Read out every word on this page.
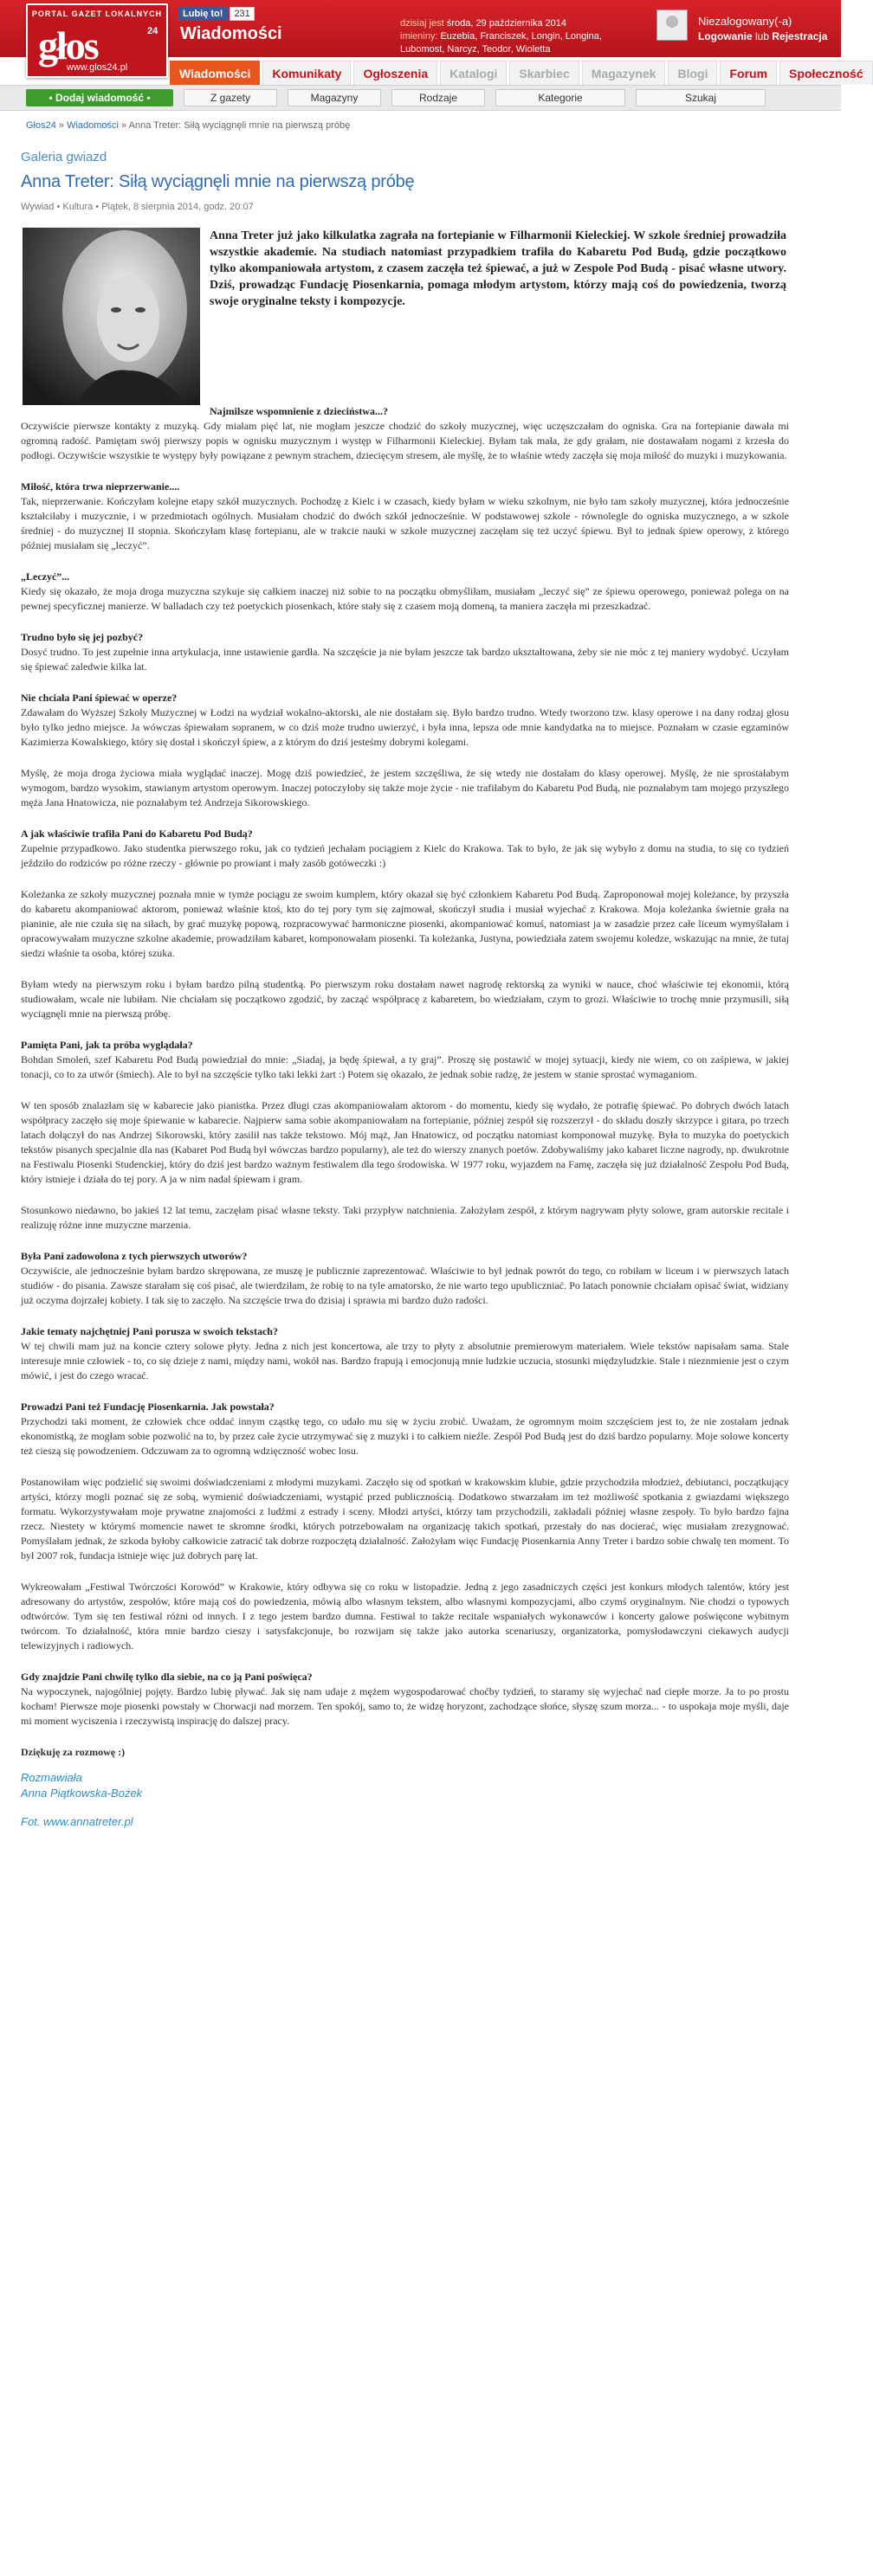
PORTAL GAZET LOKALNYCH
głos	24
www.glos24.pl
Lubię to!	231
Wiadomości
dzisiaj jest środa, 29 października 2014
imieniny: Euzebia, Franciszek, Longin, Longina, Lubomost, Narcyz, Teodor, Wioletta
Niezalogowany(-a)
Logowanie lub Rejestracja
Wiadomości	Komunikaty	Ogłoszenia	Katalogi	Skarbiec	Magazynek	Blogi	Forum	Społeczność
• Dodaj wiadomość •	Z gazety	Magazyny	Rodzaje	Kategorie	Szukaj
Głos24 » Wiadomości » Anna Treter: Siłą wyciągnęli mnie na pierwszą próbę
Galeria gwiazd
Anna Treter: Siłą wyciągnęli mnie na pierwszą próbę
Wywiad • Kultura • Piątek, 8 sierpnia 2014, godz. 20:07
Anna Treter już jako kilkulatka zagrała na fortepianie w Filharmonii Kieleckiej. W szkole średniej prowadziła wszystkie akademie. Na studiach natomiast przypadkiem trafiła do Kabaretu Pod Budą, gdzie początkowo tylko akompaniowała artystom, z czasem zaczęła też śpiewać, a już w Zespole Pod Budą - pisać własne utwory. Dziś, prowadząc Fundację Piosenkarnia, pomaga młodym artystom, którzy mają coś do powiedzenia, tworzą swoje oryginalne teksty i kompozycje.

Najmilsze wspomnienie z dzieciństwa...?
Oczywiście pierwsze kontakty z muzyką. Gdy miałam pięć lat, nie mogłam jeszcze chodzić do szkoły muzycznej, więc uczęszczałam do ogniska. Gra na fortepianie dawała mi ogromną radość. Pamiętam swój pierwszy popis w ognisku muzycznym i występ w Filharmonii Kieleckiej. Byłam tak mała, że gdy grałam, nie dostawałam nogami z krzesła do podłogi. Oczywiście wszystkie te występy były powiązane z pewnym strachem, dziecięcym stresem, ale myślę, że to właśnie wtedy zaczęła się moja miłość do muzyki i muzykowania.

Miłość, która trwa nieprzerwanie....
Tak, nieprzerwanie. Kończyłam kolejne etapy szkół muzycznych. Pochodzę z Kielc i w czasach, kiedy byłam w wieku szkolnym, nie było tam szkoły muzycznej, która jednocześnie kształciłaby i muzycznie, i w przedmiotach ogólnych. Musiałam chodzić do dwóch szkół jednocześnie. W podstawowej szkole - równolegle do ogniska muzycznego, a w szkole średniej - do muzycznej II stopnia. Skończyłam klasę fortepianu, ale w trakcie nauki w szkole muzycznej zaczęłam się też uczyć śpiewu. Był to jednak śpiew operowy, z którego później musiałam się „leczyć”.

„Leczyć”...
Kiedy się okazało, że moja droga muzyczna szykuje się całkiem inaczej niż sobie to na początku obmyśliłam, musiałam „leczyć się” ze śpiewu operowego, ponieważ polega on na pewnej specyficznej manierze. W balladach czy też poetyckich piosenkach, które stały się z czasem moją domeną, ta maniera zaczęła mi przeszkadzać.

Trudno było się jej pozbyć?
Dosyć trudno. To jest zupełnie inna artykulacja, inne ustawienie gardła. Na szczęście ja nie byłam jeszcze tak bardzo ukształtowana, żeby sie nie móc z tej maniery wydobyć. Uczyłam się śpiewać zaledwie kilka lat.

Nie chciała Pani śpiewać w operze?
Zdawałam do Wyższej Szkoły Muzycznej w Łodzi na wydział wokalno-aktorski, ale nie dostałam się. Było bardzo trudno. Wtedy tworzono tzw. klasy operowe i na dany rodzaj głosu było tylko jedno miejsce. Ja wówczas śpiewałam sopranem, w co dziś może trudno uwierzyć, i była inna, lepsza ode mnie kandydatka na to miejsce. Poznałam w czasie egzaminów Kazimierza Kowalskiego, który się dostał i skończył śpiew, a z którym do dziś jesteśmy dobrymi kolegami.

Myślę, że moja droga życiowa miała wyglądać inaczej. Mogę dziś powiedzieć, że jestem szczęśliwa, że się wtedy nie dostałam do klasy operowej. Myślę, że nie sprostałabym wymogom, bardzo wysokim, stawianym artystom operowym. Inaczej potoczyłoby się także moje życie - nie trafiłabym do Kabaretu Pod Budą, nie poznałabym tam mojego przyszłego męża Jana Hnatowicza, nie poznałabym też Andrzeja Sikorowskiego.

A jak właściwie trafiła Pani do Kabaretu Pod Budą?
Zupełnie przypadkowo. Jako studentka pierwszego roku, jak co tydzień jechałam pociągiem z Kielc do Krakowa. Tak to było, że jak się wybyło z domu na studia, to się co tydzień jeździło do rodziców po różne rzeczy - głównie po prowiant i mały zasób gotóweczki :)

Koleżanka ze szkoły muzycznej poznała mnie w tymże pociągu ze swoim kumplem, który okazał się być członkiem Kabaretu Pod Budą. Zaproponował mojej koleżance, by przyszła do kabaretu akompaniować aktorom, ponieważ właśnie ktoś, kto do tej pory tym się zajmował, skończył studia i musiał wyjechać z Krakowa. Moja koleżanka świetnie grała na pianinie, ale nie czuła się na siłach, by grać muzykę popową, rozpracowywać harmoniczne piosenki, akompaniować komuś, natomiast ja w zasadzie przez całe liceum wymyślałam i opracowywałam muzyczne szkolne akademie, prowadziłam kabaret, komponowałam piosenki. Ta koleżanka, Justyna, powiedziała zatem swojemu koledze, wskazując na mnie, że tutaj siedzi właśnie ta osoba, której szuka.

Byłam wtedy na pierwszym roku i byłam bardzo pilną studentką. Po pierwszym roku dostałam nawet nagrodę rektorską za wyniki w nauce, choć właściwie tej ekonomii, którą studiowałam, wcale nie lubiłam. Nie chciałam się początkowo zgodzić, by zacząć współpracę z kabaretem, bo wiedziałam, czym to grozi. Właściwie to trochę mnie przymusili, siłą wyciągnęli mnie na pierwszą próbę.

Pamięta Pani, jak ta próba wyglądała?
Bohdan Smoleń, szef Kabaretu Pod Budą powiedział do mnie: „Siadaj, ja będę śpiewał, a ty graj”. Proszę się postawić w mojej sytuacji, kiedy nie wiem, co on zaśpiewa, w jakiej tonacji, co to za utwór (śmiech). Ale to był na szczęście tylko taki lekki żart :) Potem się okazało, że jednak sobie radzę, że jestem w stanie sprostać wymaganiom.

W ten sposób znalazłam się w kabarecie jako pianistka. Przez długi czas akompaniowałam aktorom - do momentu, kiedy się wydało, że potrafię śpiewać. Po dobrych dwóch latach współpracy zaczęło się moje śpiewanie w kabarecie. Najpierw sama sobie akompaniowałam na fortepianie, później zespół się rozszerzył - do składu doszły skrzypce i gitara, po trzech latach dołączył do nas Andrzej Sikorowski, który zasilił nas także tekstowo. Mój mąż, Jan Hnatowicz, od początku natomiast komponował muzykę. Była to muzyka do poetyckich tekstów pisanych specjalnie dla nas (Kabaret Pod Budą był wówczas bardzo popularny), ale też do wierszy znanych poetów. Zdobywaliśmy jako kabaret liczne nagrody, np. dwukrotnie na Festiwalu Piosenki Studenckiej, który do dziś jest bardzo ważnym festiwalem dla tego środowiska. W 1977 roku, wyjazdem na Famę, zaczęła się już działalność Zespołu Pod Budą, który istnieje i działa do tej pory. A ja w nim nadal śpiewam i gram.

Stosunkowo niedawno, bo jakieś 12 lat temu, zaczęłam pisać własne teksty. Taki przypływ natchnienia. Założyłam zespół, z którym nagrywam płyty solowe, gram autorskie recitale i realizuję różne inne muzyczne marzenia.

Była Pani zadowolona z tych pierwszych utworów?
Oczywiście, ale jednocześnie byłam bardzo skrępowana, ze muszę je publicznie zaprezentować. Właściwie to był jednak powrót do tego, co robiłam w liceum i w pierwszych latach studiów - do pisania. Zawsze starałam się coś pisać, ale twierdziłam, że robię to na tyle amatorsko, że nie warto tego upubliczniać. Po latach ponownie chciałam opisać świat, widziany już oczyma dojrzałej kobiety. I tak się to zaczęło. Na szczęście trwa do dzisiaj i sprawia mi bardzo dużo radości.

Jakie tematy najchętniej Pani porusza w swoich tekstach?
W tej chwili mam już na koncie cztery solowe płyty. Jedna z nich jest koncertowa, ale trzy to płyty z absolutnie premierowym materiałem. Wiele tekstów napisałam sama. Stale interesuje mnie człowiek - to, co się dzieje z nami, między nami, wokół nas. Bardzo frapują i emocjonują mnie ludzkie uczucia, stosunki międzyludzkie. Stale i nieznmienie jest o czym mówić, i jest do czego wracać.

Prowadzi Pani też Fundację Piosenkarnia. Jak powstała?
Przychodzi taki moment, że człowiek chce oddać innym cząstkę tego, co udało mu się w życiu zrobić. Uważam, że ogromnym moim szczęściem jest to, że nie zostałam jednak ekonomistką, że mogłam sobie pozwolić na to, by przez całe życie utrzymywać się z muzyki i to całkiem nieźle. Zespół Pod Budą jest do dziś bardzo popularny. Moje solowe koncerty też cieszą się powodzeniem. Odczuwam za to ogromną wdzięczność wobec losu.

Postanowiłam więc podzielić się swoimi doświadczeniami z młodymi muzykami. Zaczęło się od spotkań w krakowskim klubie, gdzie przychodziła młodzież, debiutanci, początkujący artyści, którzy mogli poznać się ze sobą, wymienić doświadczeniami, wystąpić przed publicznością. Dodatkowo stwarzałam im też możliwość spotkania z gwiazdami większego formatu. Wykorzystywałam moje prywatne znajomości z ludźmi z estrady i sceny. Młodzi artyści, którzy tam przychodzili, zakładali później własne zespoły. To było bardzo fajna rzecz. Niestety w którymś momencie nawet te skromne środki, których potrzebowałam na organizację takich spotkań, przestały do nas docierać, więc musiałam zrezygnować. Pomyślałam jednak, że szkoda byłoby całkowicie zatracić tak dobrze rozpoczętą działalność. Założyłam więc Fundację Piosenkarnia Anny Treter i bardzo sobie chwalę ten moment. To był 2007 rok, fundacja istnieje więc już dobrych parę lat.

Wykreowałam „Festiwal Twórczości Korowód” w Krakowie, który odbywa się co roku w listopadzie. Jedną z jego zasadniczych części jest konkurs młodych talentów, który jest adresowany do artystów, zespołów, które mają coś do powiedzenia, mówią albo własnym tekstem, albo własnymi kompozycjami, albo czymś oryginalnym. Nie chodzi o typowych odtwórców. Tym się ten festiwal różni od innych. I z tego jestem bardzo dumna. Festiwal to także recitale wspaniałych wykonawców i koncerty galowe poświęcone wybitnym twórcom. To działalność, która mnie bardzo cieszy i satysfakcjonuje, bo rozwijam się także jako autorka scenariuszy, organizatorka, pomysłodawczyni ciekawych audycji telewizyjnych i radiowych.

Gdy znajdzie Pani chwilę tylko dla siebie, na co ją Pani poświęca?
Na wypoczynek, najogólniej pojęty. Bardzo lubię pływać. Jak się nam udaje z mężem wygospodarować choćby tydzień, to staramy się wyjechać nad ciepłe morze. Ja to po prostu kocham! Pierwsze moje piosenki powstały w Chorwacji nad morzem. Ten spokój, samo to, że widzę horyzont, zachodzące słońce, słyszę szum morza... - to uspokaja moje myśli, daje mi moment wyciszenia i rzeczywistą inspirację do dalszej pracy.

Dziękuję za rozmowę :)
Rozmawiała
Anna Piątkowska-Bożek
Fot. www.annatreter.pl
